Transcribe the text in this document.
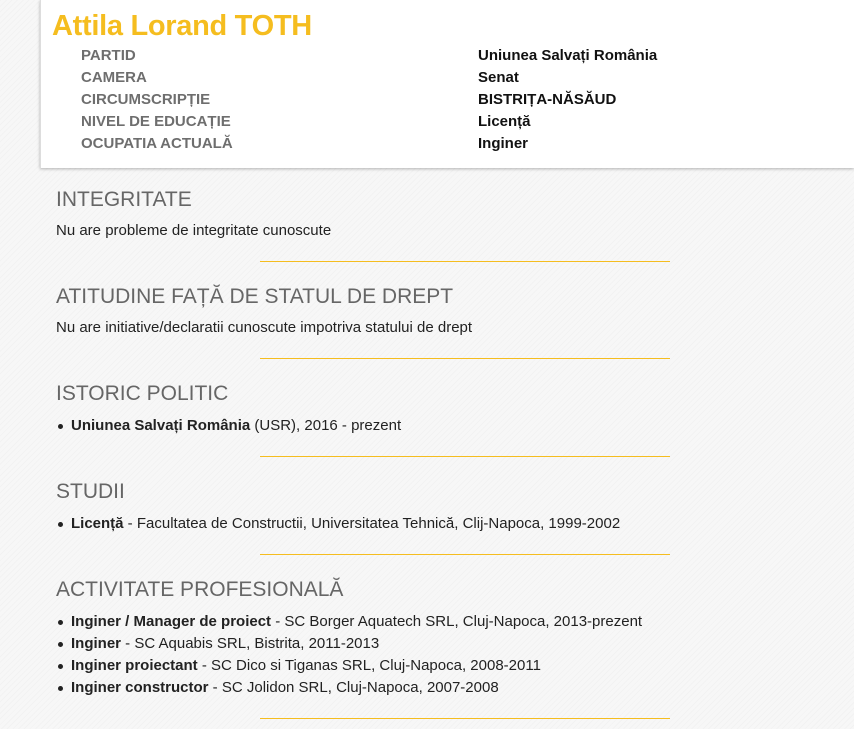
Attila Lorand TOTH
PARTID	Uniunea Salvați România
CAMERA	Senat
CIRCUMSCRIPȚIE	BISTRIȚA-NĂSĂUD
NIVEL DE EDUCAȚIE	Licență
OCUPATIA ACTUALĂ	Inginer
INTEGRITATE

Nu are probleme de integritate cunoscute

ATITUDINE FAȚĂ DE STATUL DE DREPT

Nu are initiative/declaratii cunoscute impotriva statului de drept

ISTORIC POLITIC
Uniunea Salvați România (USR), 2016 - prezent
STUDII
Licență - Facultatea de Constructii, Universitatea Tehnică, Clij-Napoca, 1999-2002
ACTIVITATE PROFESIONALĂ
Inginer / Manager de proiect - SC Borger Aquatech SRL, Cluj-Napoca, 2013-prezent
Inginer - SC Aquabis SRL, Bistrita, 2011-2013
Inginer proiectant - SC Dico si Tiganas SRL, Cluj-Napoca, 2008-2011
Inginer constructor - SC Jolidon SRL, Cluj-Napoca, 2007-2008
